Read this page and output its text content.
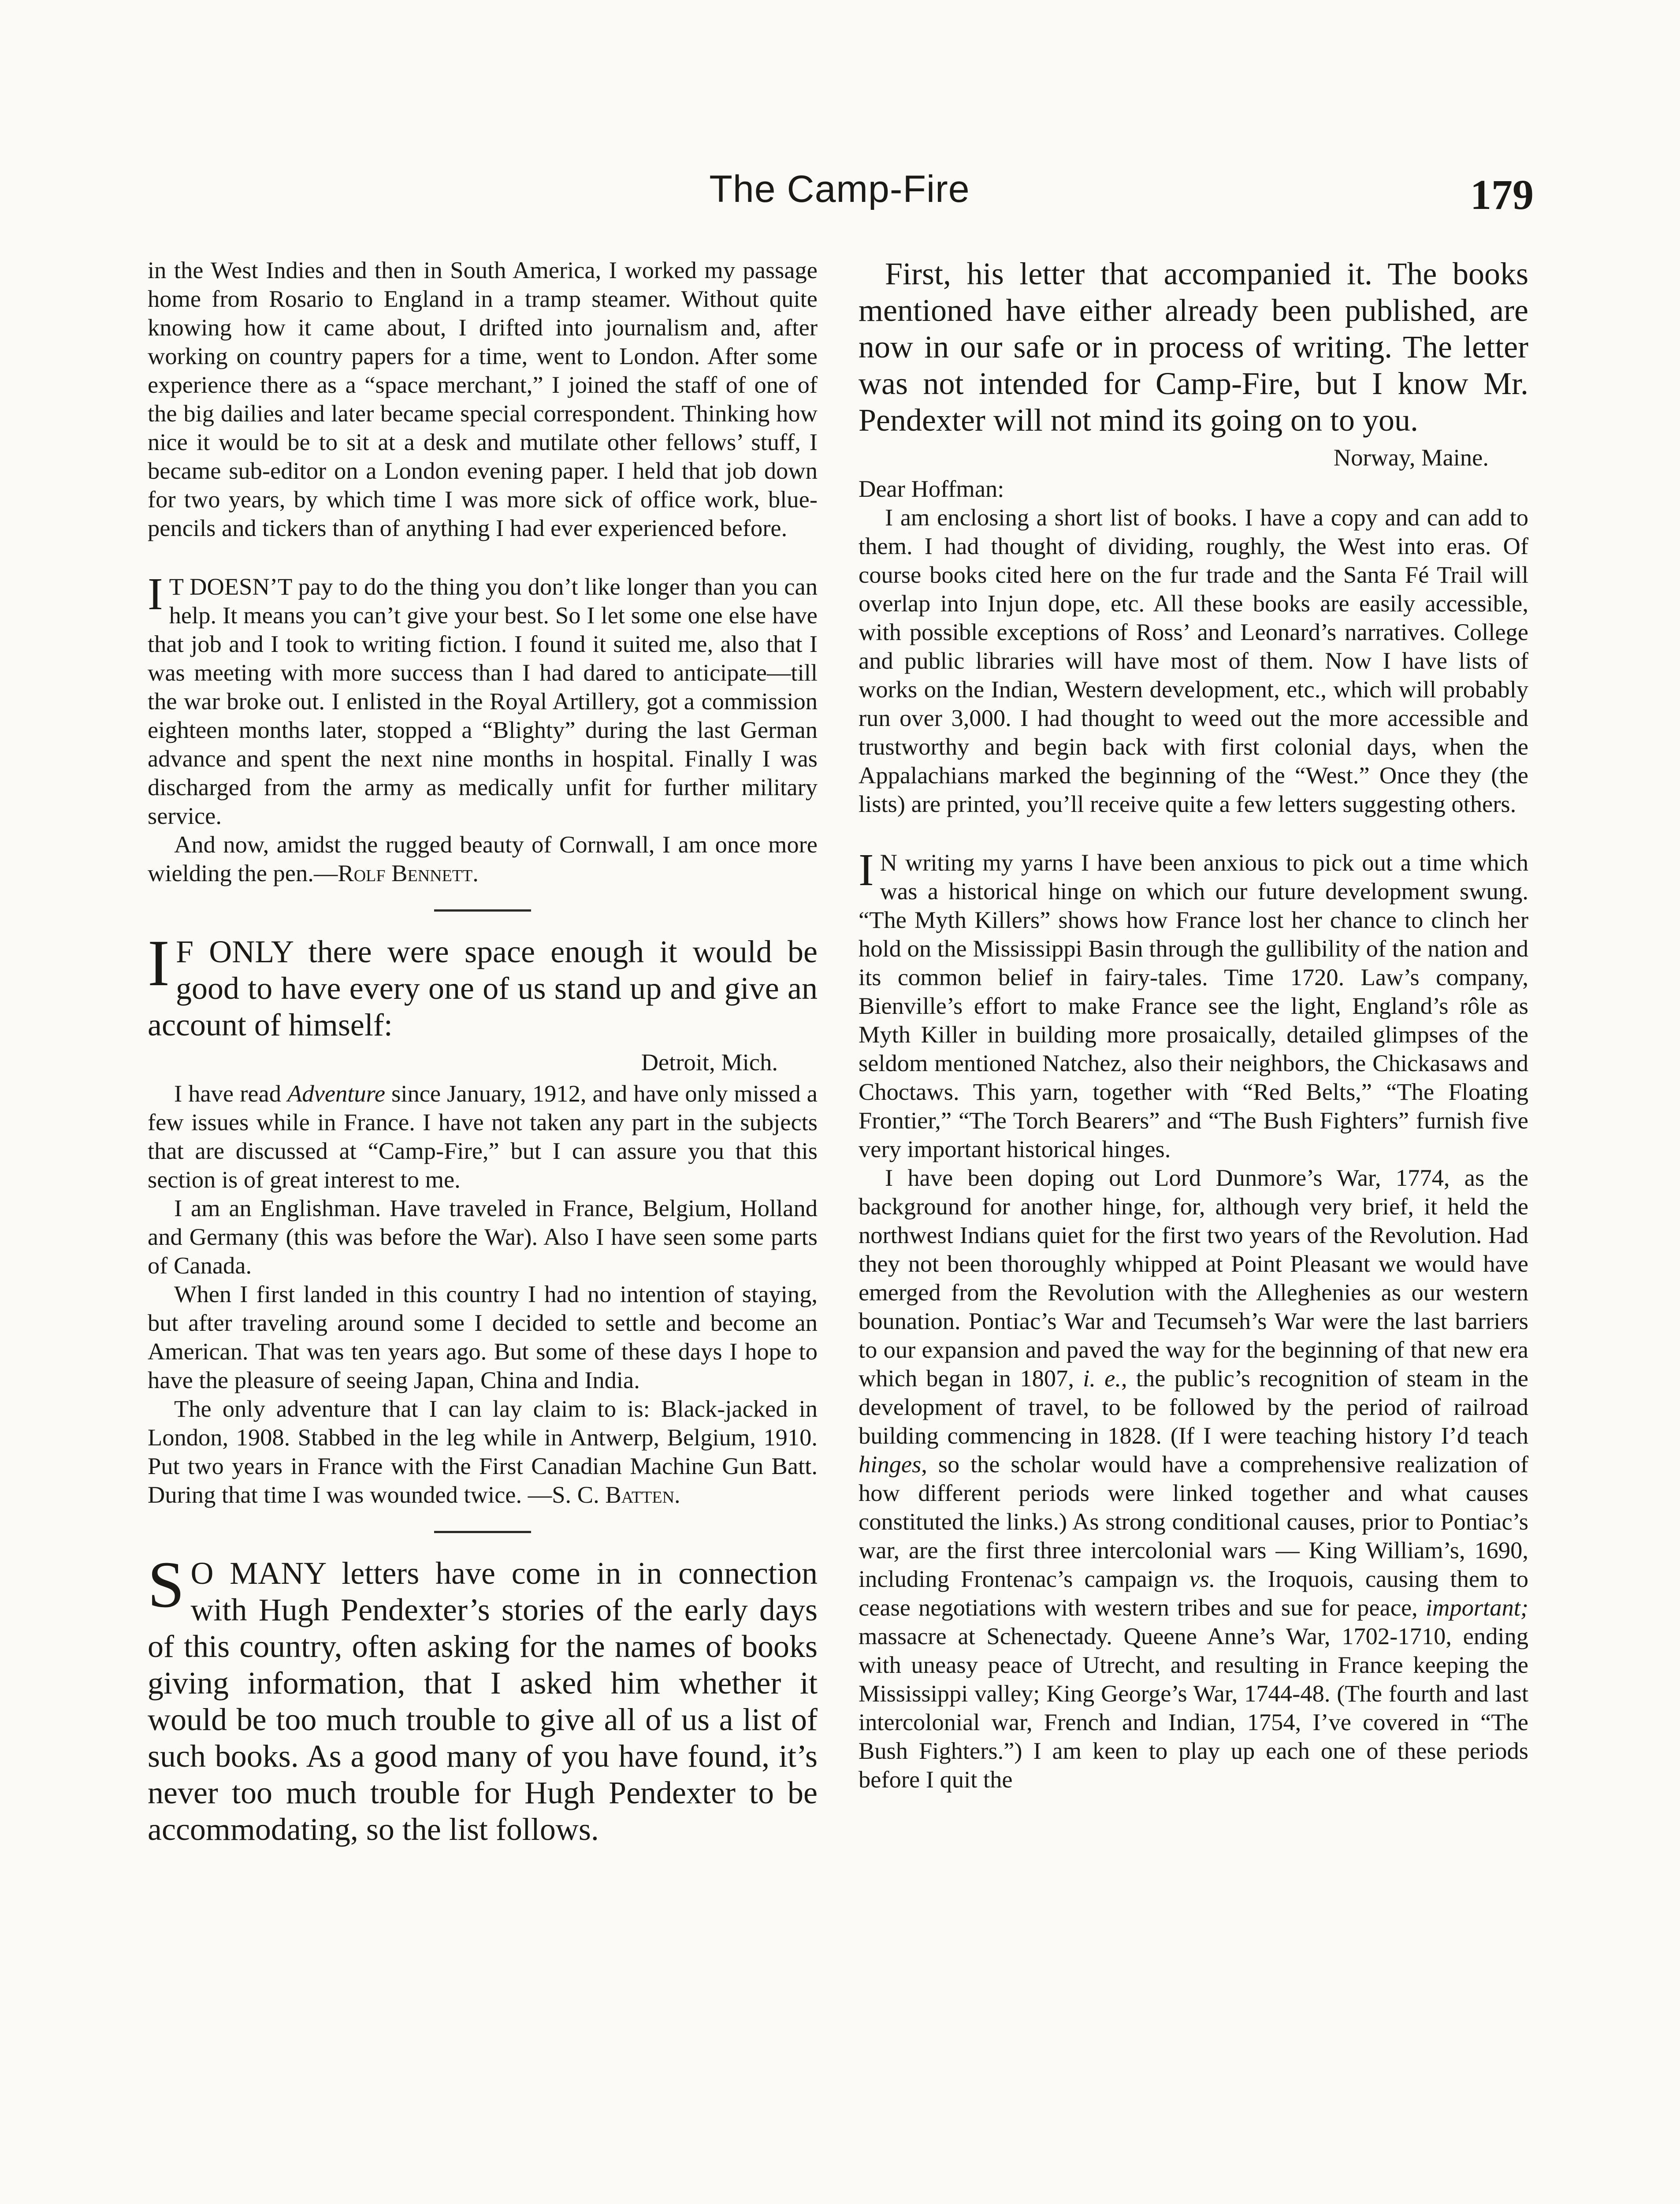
The Camp-Fire	179

in the West Indies and then in South America, I worked my passage home from Rosario to England in a tramp steamer. Without quite knowing how it came about, I drifted into journalism and, after working on country papers for a time, went to London. After some experience there as a “space merchant,” I joined the staff of one of the big dailies and later became special correspondent. Thinking how nice it would be to sit at a desk and mutilate other fellows’ stuff, I became sub-editor on a London evening paper. I held that job down for two years, by which time I was more sick of office work, blue-pencils and tickers than of anything I had ever experienced before.

I T DOESN’T pay to do the thing you don’t like longer than you can help. It means you can’t give your best. So I let some one else have that job and I took to writing fiction. I found it suited me, also that I was meeting with more success than I had dared to anticipate—till the war broke out. I enlisted in the Royal Artillery, got a commission eighteen months later, stopped a “Blighty” during the last German advance and spent the next nine months in hospital. Finally I was discharged from the army as medically unfit for further military service.

And now, amidst the rugged beauty of Cornwall, I am once more wielding the pen.—Rolf Bennett.

I F ONLY there were space enough it would be good to have every one of us stand up and give an account of himself:

Detroit, Mich.

I have read Adventure since January, 1912, and have only missed a few issues while in France. I have not taken any part in the subjects that are discussed at “Camp-Fire,” but I can assure you that this section is of great interest to me.

I am an Englishman. Have traveled in France, Belgium, Holland and Germany (this was before the War). Also I have seen some parts of Canada.

When I first landed in this country I had no intention of staying, but after traveling around some I decided to settle and become an American. That was ten years ago. But some of these days I hope to have the pleasure of seeing Japan, China and India.

The only adventure that I can lay claim to is: Black-jacked in London, 1908. Stabbed in the leg while in Antwerp, Belgium, 1910. Put two years in France with the First Canadian Machine Gun Batt. During that time I was wounded twice. —S. C. Batten.

S O MANY letters have come in in connection with Hugh Pendexter’s stories of the early days of this country, often asking for the names of books giving information, that I asked him whether it would be too much trouble to give all of us a list of such books. As a good many of you have found, it’s never too much trouble for Hugh Pendexter to be accommodating, so the list follows.

First, his letter that accompanied it. The books mentioned have either already been published, are now in our safe or in process of writing. The letter was not intended for Camp-Fire, but I know Mr. Pendexter will not mind its going on to you.

Norway, Maine.

Dear Hoffman:

I am enclosing a short list of books. I have a copy and can add to them. I had thought of dividing, roughly, the West into eras. Of course books cited here on the fur trade and the Santa Fé Trail will overlap into Injun dope, etc. All these books are easily accessible, with possible exceptions of Ross’ and Leonard’s narratives. College and public libraries will have most of them. Now I have lists of works on the Indian, Western development, etc., which will probably run over 3,000. I had thought to weed out the more accessible and trustworthy and begin back with first colonial days, when the Appalachians marked the beginning of the “West.” Once they (the lists) are printed, you’ll receive quite a few letters suggesting others.

I N writing my yarns I have been anxious to pick out a time which was a historical hinge on which our future development swung. “The Myth Killers” shows how France lost her chance to clinch her hold on the Mississippi Basin through the gullibility of the nation and its common belief in fairy-tales. Time 1720. Law’s company, Bienville’s effort to make France see the light, England’s rôle as Myth Killer in building more prosaically, detailed glimpses of the seldom mentioned Natchez, also their neighbors, the Chickasaws and Choctaws. This yarn, together with “Red Belts,” “The Floating Frontier,” “The Torch Bearers” and “The Bush Fighters” furnish five very important historical hinges.

I have been doping out Lord Dunmore’s War, 1774, as the background for another hinge, for, although very brief, it held the northwest Indians quiet for the first two years of the Revolution. Had they not been thoroughly whipped at Point Pleasant we would have emerged from the Revolution with the Alleghenies as our western bounation. Pontiac’s War and Tecumseh’s War were the last barriers to our expansion and paved the way for the beginning of that new era which began in 1807, i. e., the public’s recognition of steam in the development of travel, to be followed by the period of railroad building commencing in 1828. (If I were teaching history I’d teach hinges, so the scholar would have a comprehensive realization of how different periods were linked together and what causes constituted the links.) As strong conditional causes, prior to Pontiac’s war, are the first three intercolonial wars — King William’s, 1690, including Frontenac’s campaign vs. the Iroquois, causing them to cease negotiations with western tribes and sue for peace, important; massacre at Schenectady. Queene Anne’s War, 1702-1710, ending with uneasy peace of Utrecht, and resulting in France keeping the Mississippi valley; King George’s War, 1744-48. (The fourth and last intercolonial war, French and Indian, 1754, I’ve covered in “The Bush Fighters.”) I am keen to play up each one of these periods before I quit the
